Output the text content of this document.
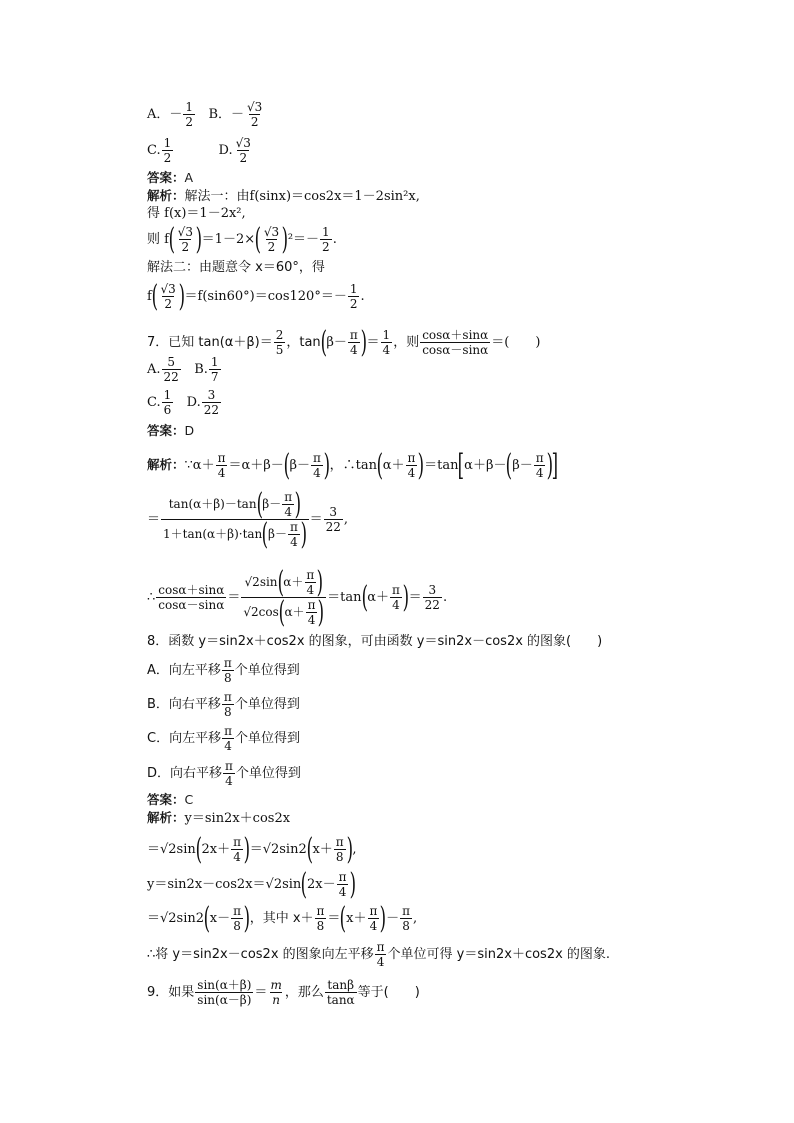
A．－ $\frac{1}{2}$ B．－ $\frac{√3}{2}$
C. $\frac{1}{2}$	D. $\frac{√3}{2}$
答案：A
解析：解法一：由f(sinx)＝cos2x＝1－2sin²x,
得 f(x)＝1－2x²,
则 $f( \frac{√3}{2} )=1-2\times( \frac{√3}{2} )^2=- \frac{1}{2}$ .
解法二：由题意令 x＝60°，得
$f( \frac{√3}{2} )=f(\sin 60^\circ)=\cos 120^\circ=- \frac{1}{2}$ .
7．已知 $\tan(\alpha+\beta)= \frac{2}{5}$ ，$\tan(\beta- \frac{\pi}{4}$ )＝ $\frac{1}{4}$ ，则 $\frac{\cos\alpha+\sin\alpha}{\cos\alpha-\sin\alpha}$ ＝(　　)
A. $\frac{5}{22} B$. $\frac{1}{7}$
C. $\frac{1}{6} D$. $\frac{3}{22}$
答案：D
解析：∵α＋ $\frac{\pi}{4} =\alpha+\beta-(\beta- \frac{\pi}{4}$ )，∴tan(α＋ $\frac{\pi}{4} )=\tan[\alpha+\beta-(\beta- \frac{\pi}{4}$ )]
＝ $\frac{\tan(\alpha+\beta)-\tan(\beta- \frac{\pi}{4} )}{1+\tan(\alpha+\beta)\cdot\tan(\beta- \frac{\pi}{4} )} = \frac{3}{22}$ ,
∴ $\frac{\cos\alpha+\sin\alpha}{\cos\alpha-\sin\alpha} = \frac{√2\sin(\alpha+ \frac{\pi}{4} )}{√2\cos(\alpha+ \frac{\pi}{4} )} =\tan(\alpha+ \frac{\pi}{4}$ )＝ $\frac{3}{22}$ .
8．函数 y＝sin2x＋cos2x 的图象，可由函数 y＝sin2x－cos2x 的图象(　　)
A．向左平移 $\frac{\pi}{8}$ 个单位得到
B．向右平移 $\frac{\pi}{8}$ 个单位得到
C．向左平移 $\frac{\pi}{4}$ 个单位得到
D．向右平移 $\frac{\pi}{4}$ 个单位得到
答案：C
解析：y＝sin2x＋cos2x
$=√2\sin(2x+ \frac{\pi}{4} )=√2\sin 2(x+ \frac{\pi}{8}$ ),
$y=\sin 2x-\cos 2x=√2\sin(2x- \frac{\pi}{4}$ )
$=√2\sin 2(x- \frac{\pi}{8}$ )，其中 $x+ \frac{\pi}{8} =(x+ \frac{\pi}{4}$ )－ $\frac{\pi}{8}$ ,
∴将 y＝sin2x－cos2x 的图象向左平移 $\frac{\pi}{4}$ 个单位可得 y＝sin2x＋cos2x 的图象.
9．如果 $\frac{\sin(\alpha+\beta)}{\sin(\alpha-\beta)} = \frac{m}{n}$ ，那么 $\frac{\tan\beta}{\tan\alpha}$ 等于(　　)
